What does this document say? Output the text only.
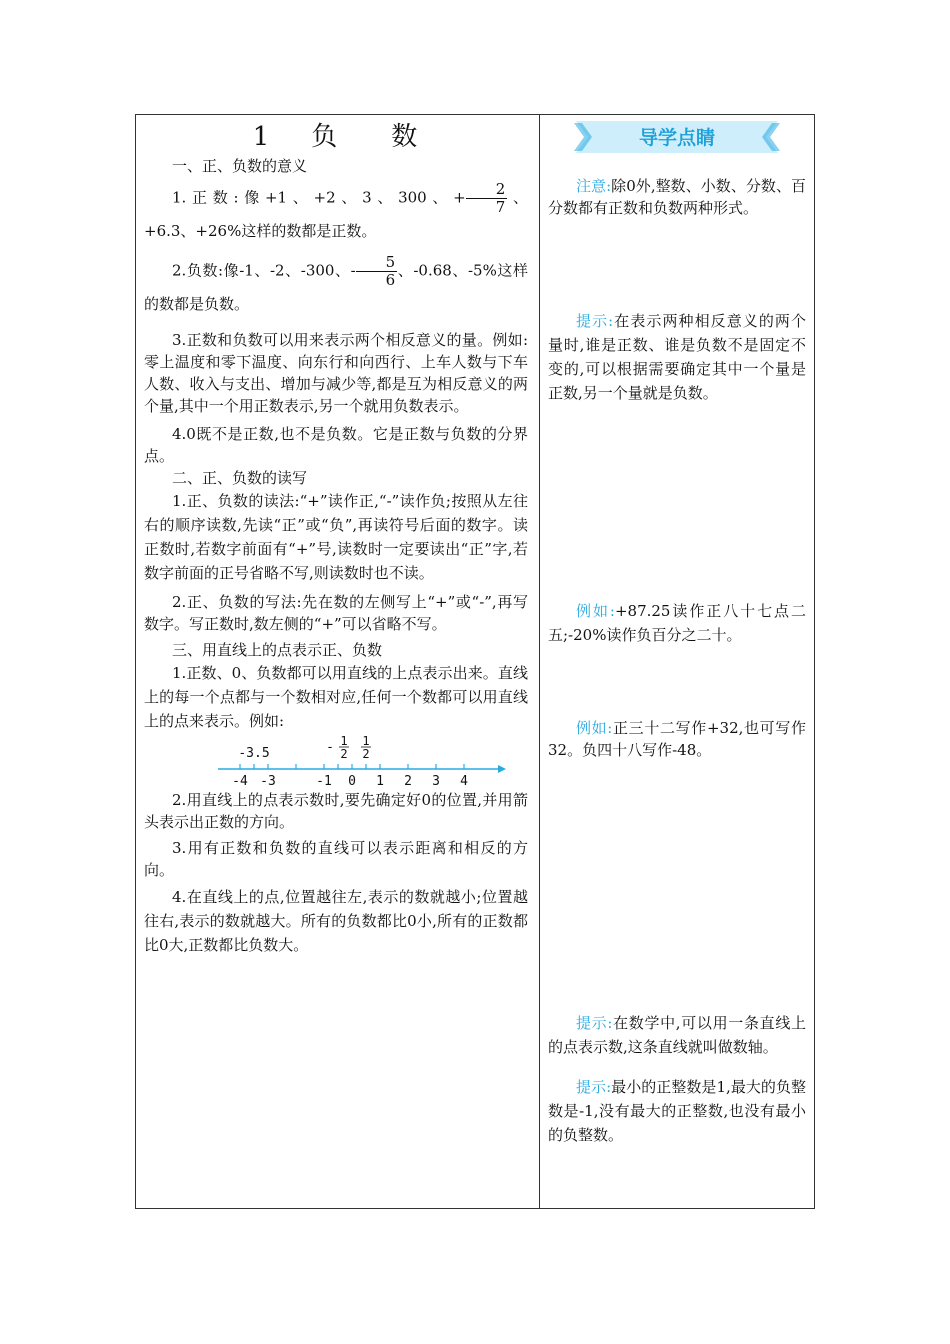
1 负 数

一、正、负数的意义

1.正数:像+1、+2、3、300、+ $\frac{2}{7}$ 、+6.3、+26%这样的数都是正数。

2.负数:像-1、-2、-300、- $\frac{5}{6}$ 、-0.68、-5%这样的数都是负数。

3.正数和负数可以用来表示两个相反意义的量。例如:零上温度和零下温度、向东行和向西行、上车人数与下车人数、收入与支出、增加与减少等,都是互为相反意义的两个量,其中一个用正数表示,另一个就用负数表示。

4.0既不是正数,也不是负数。它是正数与负数的分界点。

二、正、负数的读写

1.正、负数的读法:“+”读作正,“-”读作负;按照从左往右的顺序读数,先读“正”或“负”,再读符号后面的数字。读正数时,若数字前面有“+”号,读数时一定要读出“正”字,若数字前面的正号省略不写,则读数时也不读。

2.正、负数的写法:先在数的左侧写上“+”或“-”,再写数字。写正数时,数左侧的“+”可以省略不写。

三、用直线上的点表示正、负数

1.正数、0、负数都可以用直线的上点表示出来。直线上的每一个点都与一个数相对应,任何一个数都可以用直线上的点来表示。例如:

-4 -3	-1 0 1 2 3 4
-3.5	- 1
2
1
2

2.用直线上的点表示数时,要先确定好0的位置,并用箭头表示出正数的方向。

3.用有正数和负数的直线可以表示距离和相反的方向。

4.在直线上的点,位置越往左,表示的数就越小;位置越往右,表示的数就越大。所有的负数都比0小,所有的正数都比0大,正数都比负数大。

导学点睛

注意:除0外,整数、小数、分数、百分数都有正数和负数两种形式。

提示:在表示两种相反意义的两个量时,谁是正数、谁是负数不是固定不变的,可以根据需要确定其中一个量是正数,另一个量就是负数。

例如:+87.25读作正八十七点二五;-20%读作负百分之二十。

例如:正三十二写作+32,也可写作32。负四十八写作-48。

提示:在数学中,可以用一条直线上的点表示数,这条直线就叫做数轴。

提示:最小的正整数是1,最大的负整数是-1,没有最大的正整数,也没有最小的负整数。
